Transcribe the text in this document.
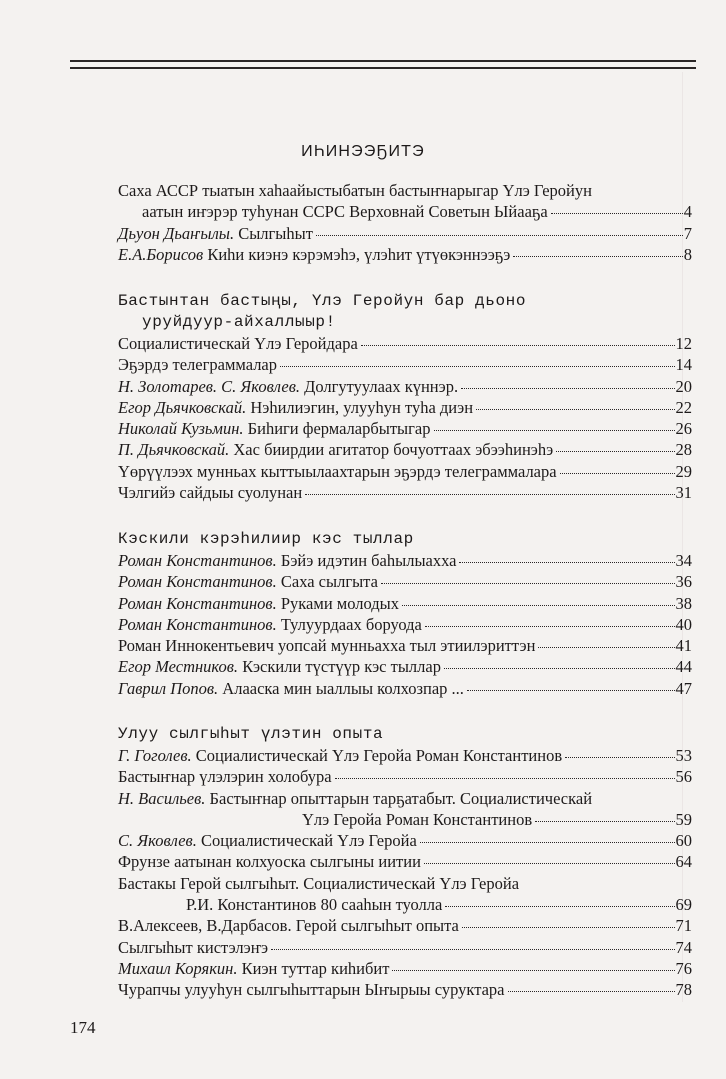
ИҺИНЭЭҔИТЭ
Саха АССР тыатын хаһаайыстыбатын бастыҥнарыгар Үлэ Геройун
аатын иҥэрэр туһунан ССРС Верховнай Советын Ыйааҕа	4
Дьуон Дьаҥылы. Сылгыһыт	7
Е.А.Борисов Киһи киэнэ кэрэмэһэ, үлэһит үтүөкэннээҕэ	8
Бастынтан бастыңы, Үлэ Геройун бар дьоно
уруйдуур-айхаллыыр!
Социалистическай Үлэ Геройдара	12
Эҕэрдэ телеграммалар	14
Н. Золотарев. С. Яковлев. Долгутуулаах күннэр.	20
Егор Дьячковскай. Нэһилиэгин, улууһун туһа диэн	22
Николай Кузьмин. Биһиги фермаларбытыгар	26
П. Дьячковскай. Хас биирдии агитатор бочуоттаах эбээһинэһэ	28
Үөрүүлээх мунньах кыттыылаахтарын эҕэрдэ телеграммалара	29
Чэлгийэ сайдыы суолунан	31
Кэскили кэрэһилиир кэс тыллар
Роман Константинов. Бэйэ идэтин баһылыахха	34
Роман Константинов. Саха сылгыта	36
Роман Константинов. Руками молодых	38
Роман Константинов. Тулуурдаах боруода	40
Роман Иннокентьевич уопсай мунньахха тыл этиилэриттэн	41
Егор Местников. Кэскили түстүүр кэс тыллар	44
Гаврил Попов. Алааска мин ыаллыы колхозпар ...	47
Улуу сылгыһыт үлэтин опыта
Г. Гоголев. Социалистическай Үлэ Геройа Роман Константинов	53
Бастыҥнар үлэлэрин холобура	56
Н. Васильев. Бастыҥнар опыттарын тарҕатабыт. Социалистическай
Үлэ Геройа Роман Константинов	59
С. Яковлев. Социалистическай Үлэ Геройа	60
Фрунзе аатынан колхуоска сылгыны иитии	64
Бастакы Герой сылгыһыт. Социалистическай Үлэ Геройа
Р.И. Константинов 80 сааһын туолла	69
В.Алексеев, В.Дарбасов. Герой сылгыһыт опыта	71
Сылгыһыт кистэлэҥэ	74
Михаил Корякин. Киэн туттар киһибит	76
Чурапчы улууһун сылгыһыттарын Ыҥырыы суруктара	78
174
